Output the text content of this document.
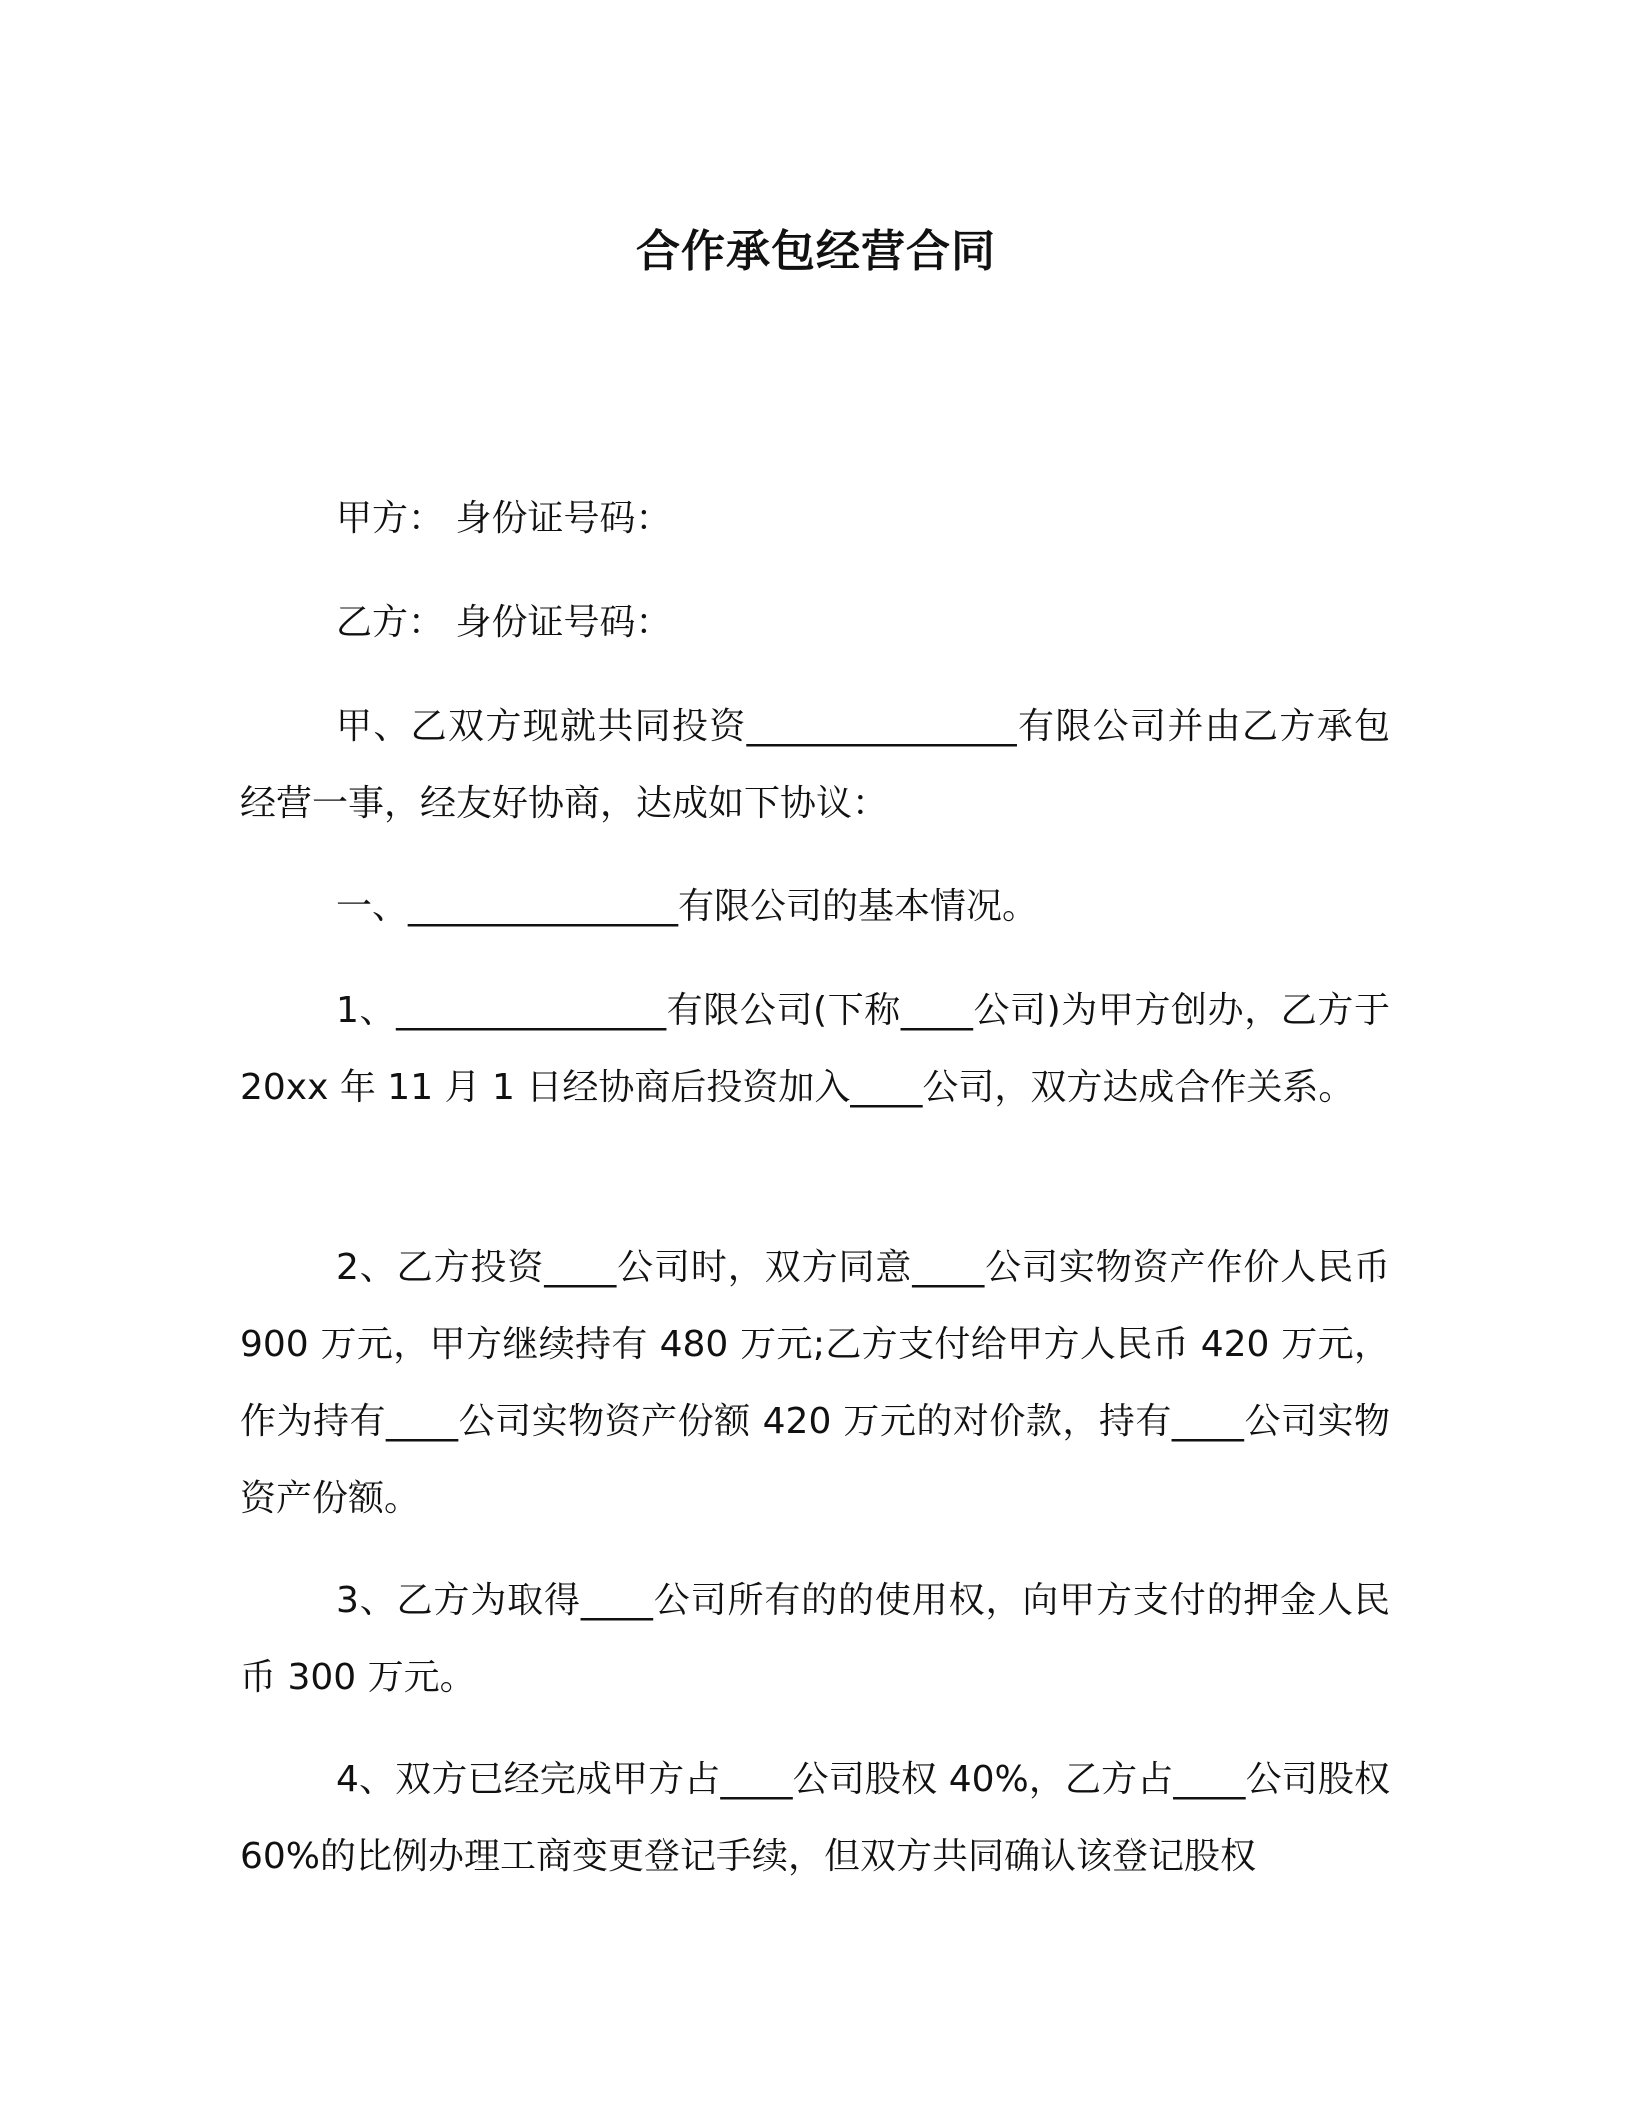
合作承包经营合同
甲方： 身份证号码：
乙方： 身份证号码：
甲、乙双方现就共同投资_______________有限公司并由乙方承包经营一事，经友好协商，达成如下协议：
一、_______________有限公司的基本情况。
1、_______________有限公司(下称____公司)为甲方创办，乙方于 20xx 年 11 月 1 日经协商后投资加入____公司，双方达成合作关系。
2、乙方投资____公司时，双方同意____公司实物资产作价人民币 900 万元，甲方继续持有 480 万元;乙方支付给甲方人民币 420 万元，作为持有____公司实物资产份额 420 万元的对价款，持有____公司实物资产份额。
3、乙方为取得____公司所有的的使用权，向甲方支付的押金人民币 300 万元。
4、双方已经完成甲方占____公司股权 40%，乙方占____公司股权 60%的比例办理工商变更登记手续，但双方共同确认该登记股权
